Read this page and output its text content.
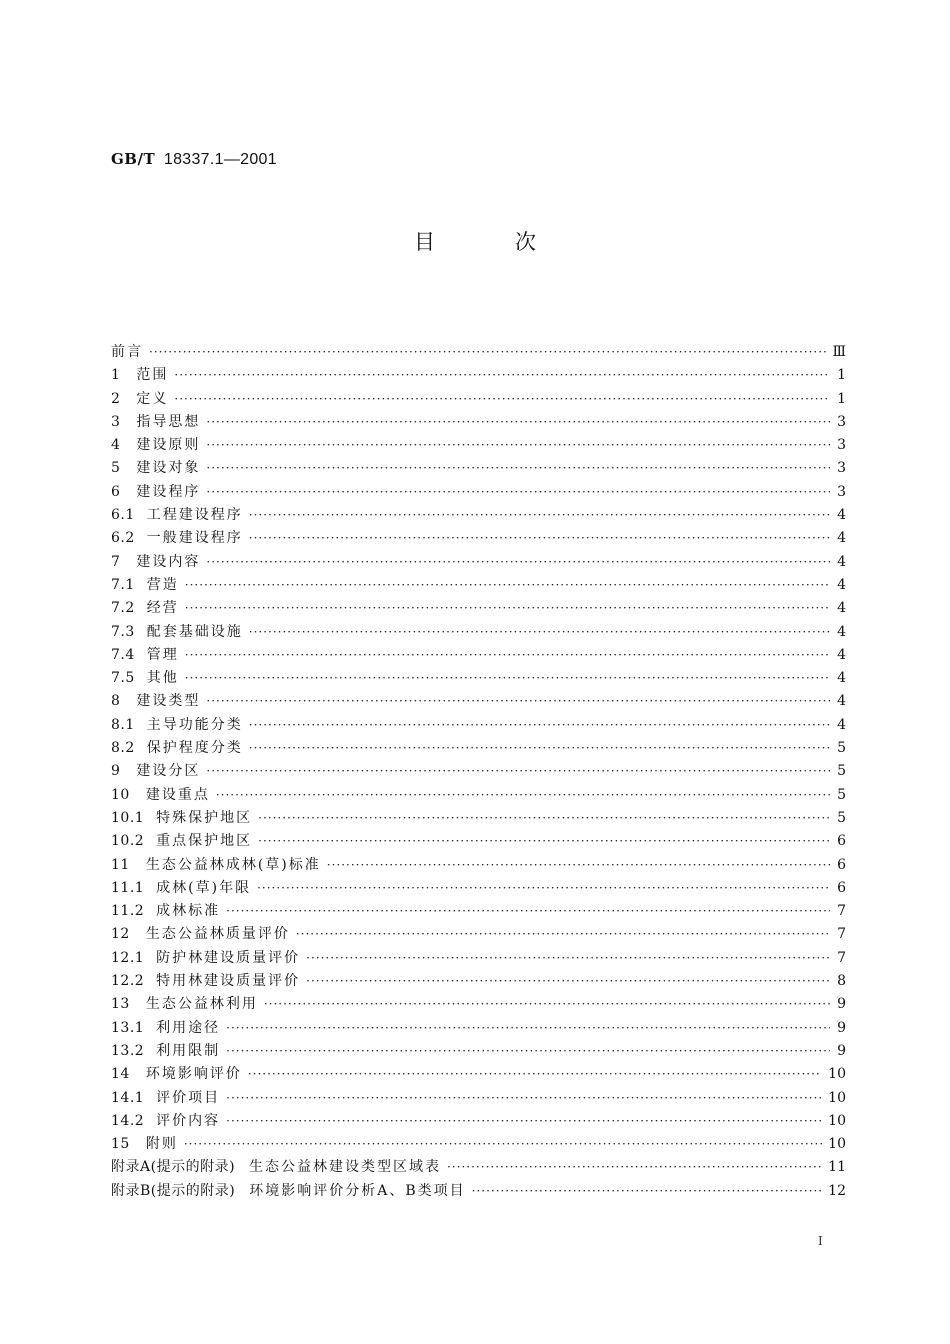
GB/T 18337.1—2001
目次
前言 ·····	Ⅲ
1 范围 ·····	1
2 定义 ·····	1
3 指导思想 ·····	3
4 建设原则 ·····	3
5 建设对象 ·····	3
6 建设程序 ·····	3
6.1 工程建设程序 ·····	4
6.2 一般建设程序 ·····	4
7 建设内容 ·····	4
7.1 营造 ·····	4
7.2 经营 ·····	4
7.3 配套基础设施 ·····	4
7.4 管理 ·····	4
7.5 其他 ·····	4
8 建设类型 ·····	4
8.1 主导功能分类 ·····	4
8.2 保护程度分类 ·····	5
9 建设分区 ·····	5
10 建设重点 ·····	5
10.1 特殊保护地区 ·····	5
10.2 重点保护地区 ·····	6
11 生态公益林成林(草)标准 ·····	6
11.1 成林(草)年限 ·····	6
11.2 成林标准 ·····	7
12 生态公益林质量评价 ·····	7
12.1 防护林建设质量评价 ·····	7
12.2 特用林建设质量评价 ·····	8
13 生态公益林利用 ·····	9
13.1 利用途径 ·····	9
13.2 利用限制 ·····	9
14 环境影响评价 ·····	10
14.1 评价项目 ·····	10
14.2 评价内容 ·····	10
15 附则 ·····	10
附录A(提示的附录) 生态公益林建设类型区域表 ·····	11
附录B(提示的附录) 环境影响评价分析A、B类项目 ·····	12
I
